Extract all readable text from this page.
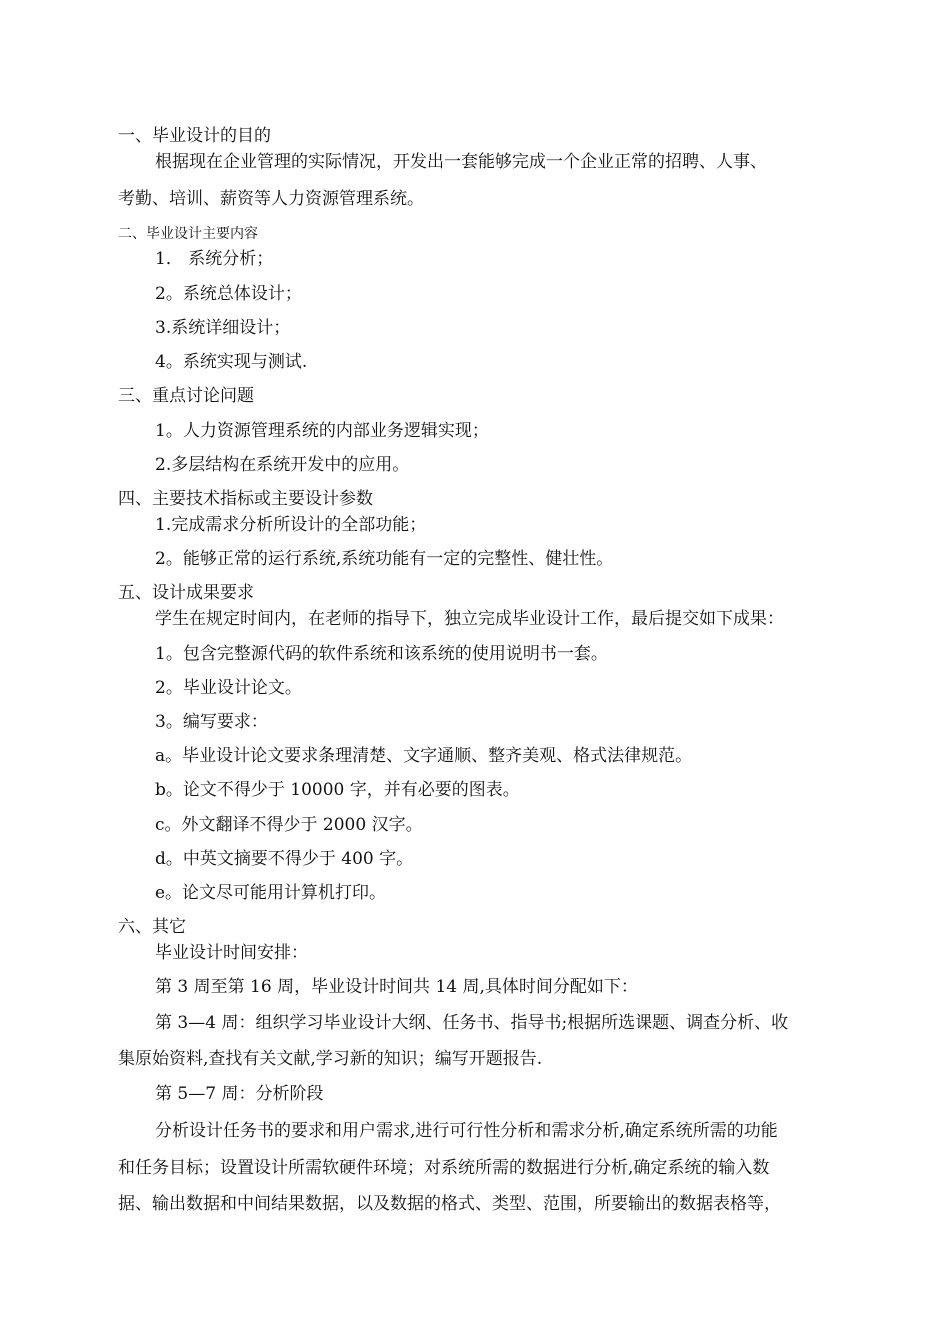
一、毕业设计的目的
根据现在企业管理的实际情况，开发出一套能够完成一个企业正常的招聘、人事、
考勤、培训、薪资等人力资源管理系统。
二、毕业设计主要内容
1． 系统分析；
2。系统总体设计；
3.系统详细设计；
4。系统实现与测试.
三、重点讨论问题
1。人力资源管理系统的内部业务逻辑实现；
2.多层结构在系统开发中的应用。
四、主要技术指标或主要设计参数
1.完成需求分析所设计的全部功能；
2。能够正常的运行系统,系统功能有一定的完整性、健壮性。
五、设计成果要求
学生在规定时间内，在老师的指导下，独立完成毕业设计工作，最后提交如下成果：
1。包含完整源代码的软件系统和该系统的使用说明书一套。
2。毕业设计论文。
3。编写要求：
a。毕业设计论文要求条理清楚、文字通顺、整齐美观、格式法律规范。
b。论文不得少于 10000 字，并有必要的图表。
c。外文翻译不得少于 2000 汉字。
d。中英文摘要不得少于 400 字。
e。论文尽可能用计算机打印。
六、其它
毕业设计时间安排：
第 3 周至第 16 周，毕业设计时间共 14 周,具体时间分配如下：
第 3—4 周：组织学习毕业设计大纲、任务书、指导书;根据所选课题、调查分析、收
集原始资料,查找有关文献,学习新的知识；编写开题报告.
第 5—7 周：分析阶段
分析设计任务书的要求和用户需求,进行可行性分析和需求分析,确定系统所需的功能
和任务目标；设置设计所需软硬件环境；对系统所需的数据进行分析,确定系统的输入数
据、输出数据和中间结果数据，以及数据的格式、类型、范围，所要输出的数据表格等，
